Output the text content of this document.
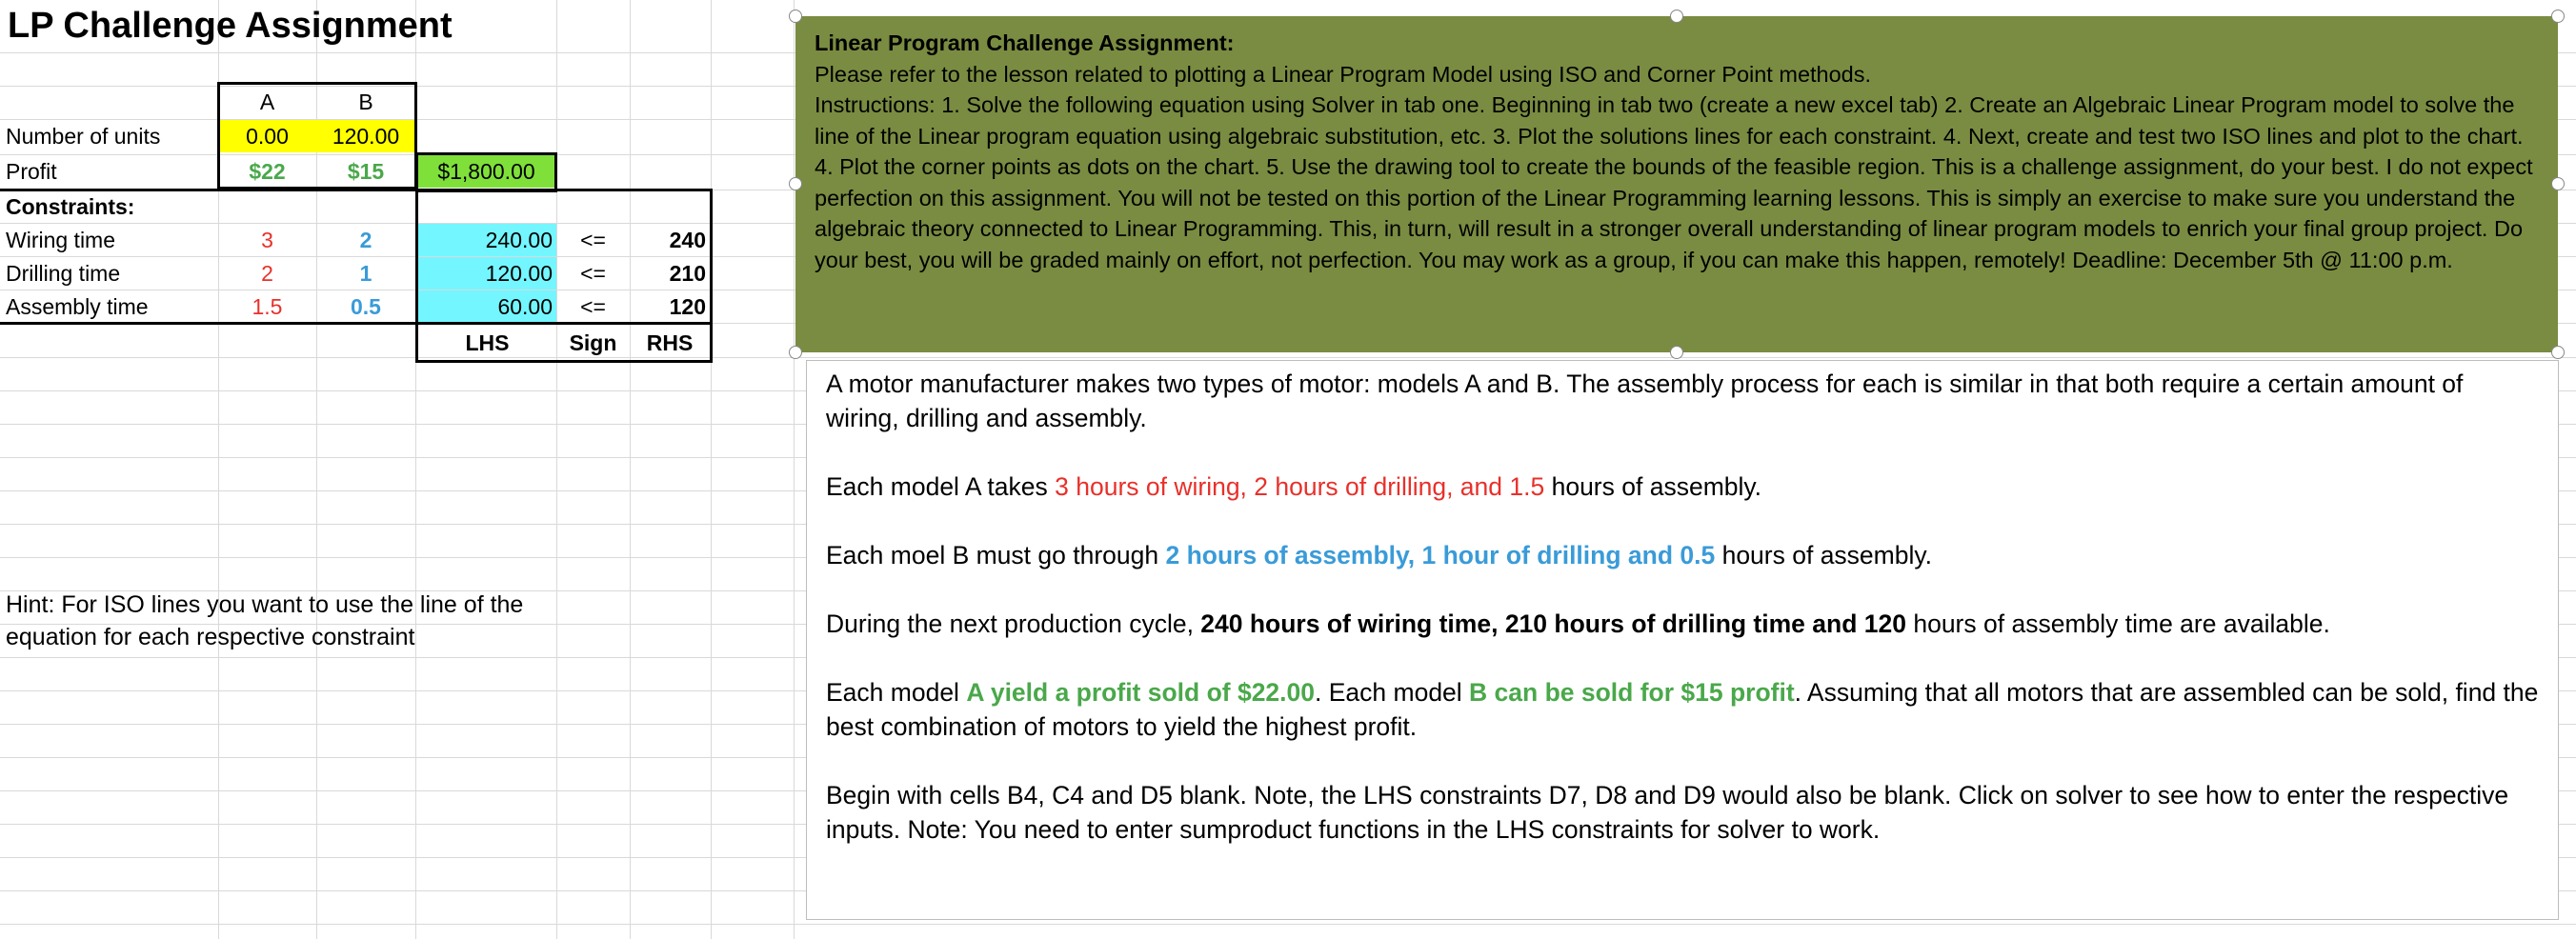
LP Challenge Assignment
A	B
Number of units	0.00	120.00
Profit	$22	$15	$1,800.00
Constraints:
Wiring time	3	2	240.00	<=	240
Drilling time	2	1	120.00	<=	210
Assembly time	1.5	0.5	60.00	<=	120
LHS	Sign	RHS
Hint: For ISO lines you want to use the line of the
equation for each respective constraint
Linear Program Challenge Assignment:
Please refer to the lesson related to plotting a Linear Program Model using ISO and Corner Point methods.
Instructions: 1. Solve the following equation using Solver in tab one. Beginning in tab two (create a new excel tab) 2. Create an Algebraic Linear Program model to solve the line of the Linear program equation using algebraic substitution, etc. 3. Plot the solutions lines for each constraint. 4. Next, create and test two ISO lines and plot to the chart. 4. Plot the corner points as dots on the chart. 5. Use the drawing tool to create the bounds of the feasible region. This is a challenge assignment, do your best. I do not expect perfection on this assignment. You will not be tested on this portion of the Linear Programming learning lessons. This is simply an exercise to make sure you understand the algebraic theory connected to Linear Programming. This, in turn, will result in a stronger overall understanding of linear program models to enrich your final group project. Do your best, you will be graded mainly on effort, not perfection. You may work as a group, if you can make this happen, remotely! Deadline: December 5th @ 11:00 p.m.

A motor manufacturer makes two types of motor: models A and B. The assembly process for each is similar in that both require a certain amount of wiring, drilling and assembly.

Each model A takes 3 hours of wiring, 2 hours of drilling, and 1.5 hours of assembly.

Each moel B must go through 2 hours of assembly, 1 hour of drilling and 0.5 hours of assembly.

During the next production cycle, 240 hours of wiring time, 210 hours of drilling time and 120 hours of assembly time are available.

Each model A yield a profit sold of $22.00. Each model B can be sold for $15 profit. Assuming that all motors that are assembled can be sold, find the best combination of motors to yield the highest profit.

Begin with cells B4, C4 and D5 blank. Note, the LHS constraints D7, D8 and D9 would also be blank. Click on solver to see how to enter the respective inputs. Note: You need to enter sumproduct functions in the LHS constraints for solver to work.
